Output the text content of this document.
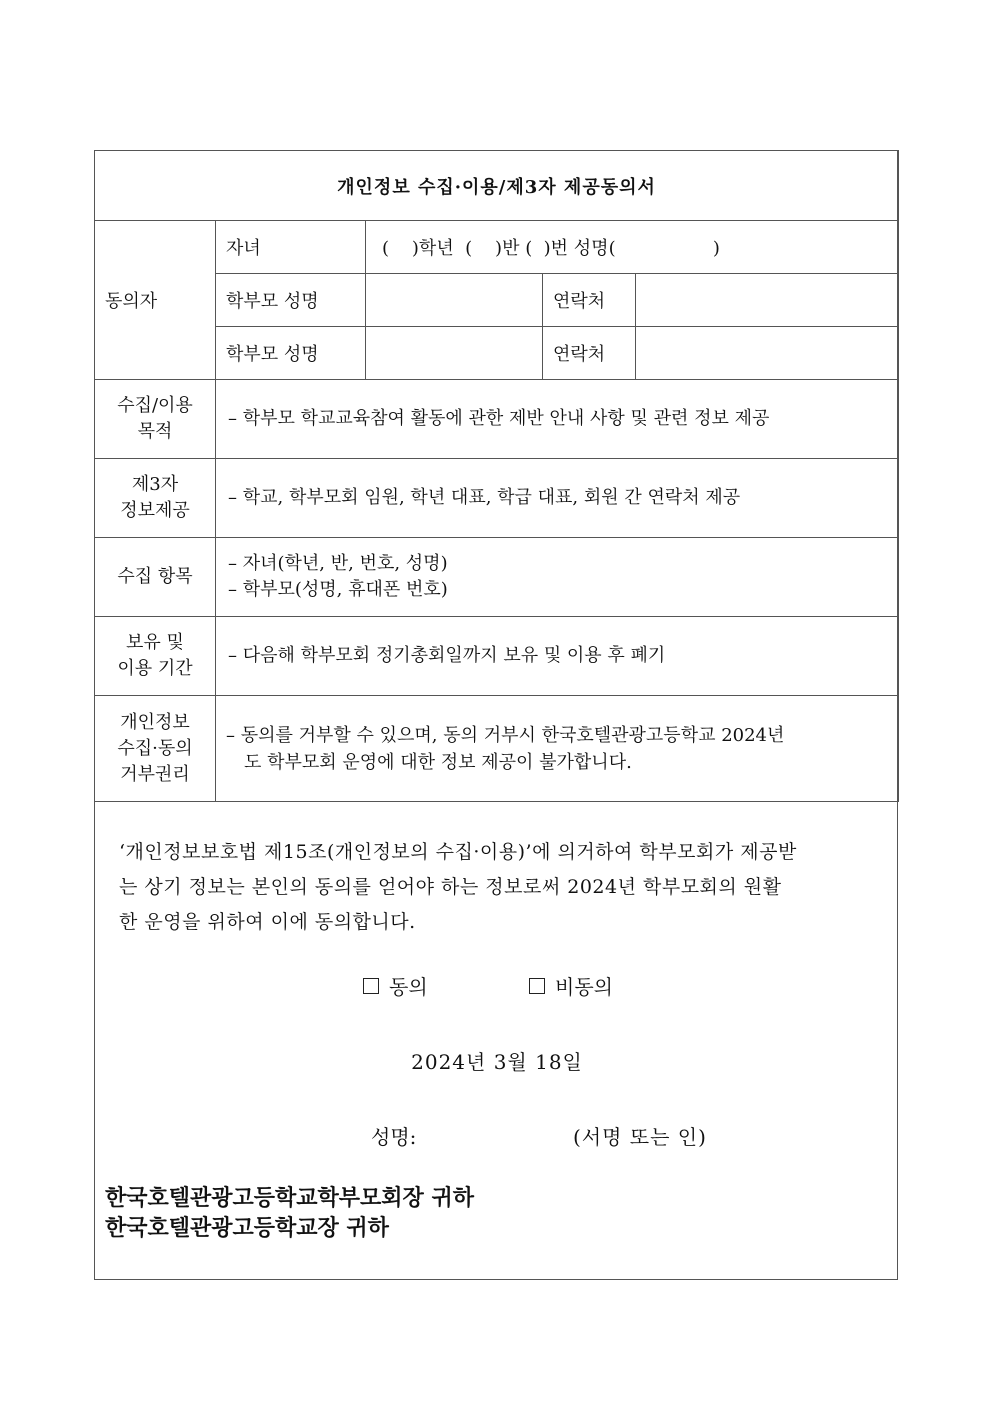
개인정보 수집·이용/제3자 제공동의서				
동의자	자녀	(    )학년  (    )반 (  )번 성명(                 )		
	학부모 성명		연락처	
	학부모 성명		연락처	
수집/이용
목적	– 학부모 학교교육참여 활동에 관한 제반 안내 사항 및 관련 정보 제공			
제3자
정보제공	– 학교, 학부모회 임원, 학년 대표, 학급 대표, 회원 간 연락처 제공			
수집 항목	– 자녀(학년, 반, 번호, 성명)
– 학부모(성명, 휴대폰 번호)			
보유 및
이용 기간	– 다음해 학부모회 정기총회일까지 보유 및 이용 후 폐기			
개인정보
수집·동의
거부권리	– 동의를 거부할 수 있으며, 동의 거부시 한국호텔관광고등학교 2024년
도 학부모회 운영에 대한 정보 제공이 불가합니다.			
‘개인정보보호법 제15조(개인정보의 수집·이용)’에 의거하여 학부모회가 제공받
는 상기 정보는 본인의 동의를 얻어야 하는 정보로써 2024년 학부모회의 원활
한 운영을 위하여 이에 동의합니다.
동의	비동의
2024년 3월 18일
성명:	(서명 또는 인)
한국호텔관광고등학교학부모회장 귀하
한국호텔관광고등학교장 귀하
